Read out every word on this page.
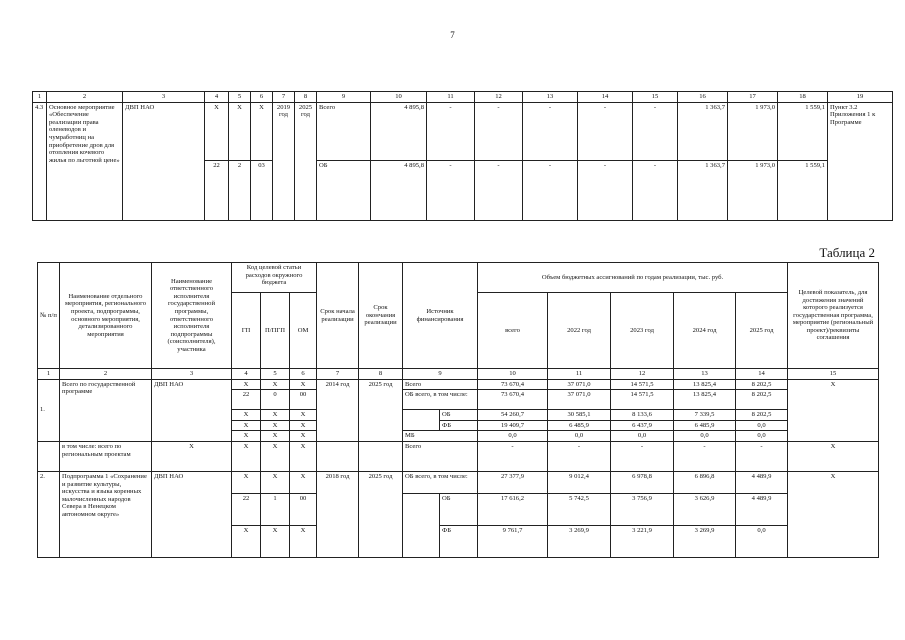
7
1	2	3	4	5	6	7	8	9	10	11	12	13	14	15	16	17	18	19
4.3	Основное мероприятие «Обеспечение реализации права оленеводов и чумработниц на приобретение дров для отопления кочевого жилья по льготной цене»	ДВП НАО	Х	Х	Х	2019 год	2025 год	Всего	4 895,8	-	-	-	-	-	1 363,7	1 973,0	1 559,1	Пункт 3.2 Приложения 1 к Программе
			22	2	03			ОБ	4 895,8	-	-	-	-	-	1 363,7	1 973,0	1 559,1	
Таблица 2
№ п/п	Наименование отдельного мероприятия, регионального проекта, подпрограммы, основного мероприятия, детализированного мероприятия	Наименование ответственного исполнителя государственной программы, ответственного исполнителя подпрограммы (соисполнителя), участника	Код целевой статьи расходов окружного бюджета			Срок начала реализации	Срок окончания реализации	Источник финансирования		Объем бюджетных ассигнований по годам реализации, тыс. руб.					Целевой показатель, для достижения значений которого реализуется государственная программа, мероприятие (региональный проект)/реквизиты соглашения
			ГП	П/ПГП	ОМ					всего	2022 год	2023 год	2024 год	2025 год	
1	2	3	4	5	6	7	8	9		10	11	12	13	14	15
1.	Всего по государственной программе	ДВП НАО	Х	Х	Х	2014 год	2025 год	Всего		73 670,4	37 071,0	14 571,5	13 825,4	8 202,5	Х
			22	0	00			ОБ всего, в том числе:		73 670,4	37 071,0	14 571,5	13 825,4	8 202,5	
			Х	Х	Х				ОБ	54 260,7	30 585,1	8 133,6	7 339,5	8 202,5	
			Х	Х	Х				ФБ	19 409,7	6 485,9	6 437,9	6 485,9	0,0	
			Х	Х	Х			МБ		0,0	0,0	0,0	0,0	0,0	
	в том числе: всего по региональным проектам	Х	Х	Х	Х			Всего		-	-	-	-	-	Х
2.	Подпрограмма 1 «Сохранение и развитие культуры, искусства и языка коренных малочисленных народов Севера в Ненецком автономном округе»	ДВП НАО	Х	Х	Х	2018 год	2025 год	ОБ всего, в том числе:		27 377,9	9 012,4	6 978,8	6 896,8	4 489,9	Х
			22	1	00				ОБ	17 616,2	5 742,5	3 756,9	3 626,9	4 489,9	
			Х	Х	Х				ФБ	9 761,7	3 269,9	3 221,9	3 269,9	0,0	
